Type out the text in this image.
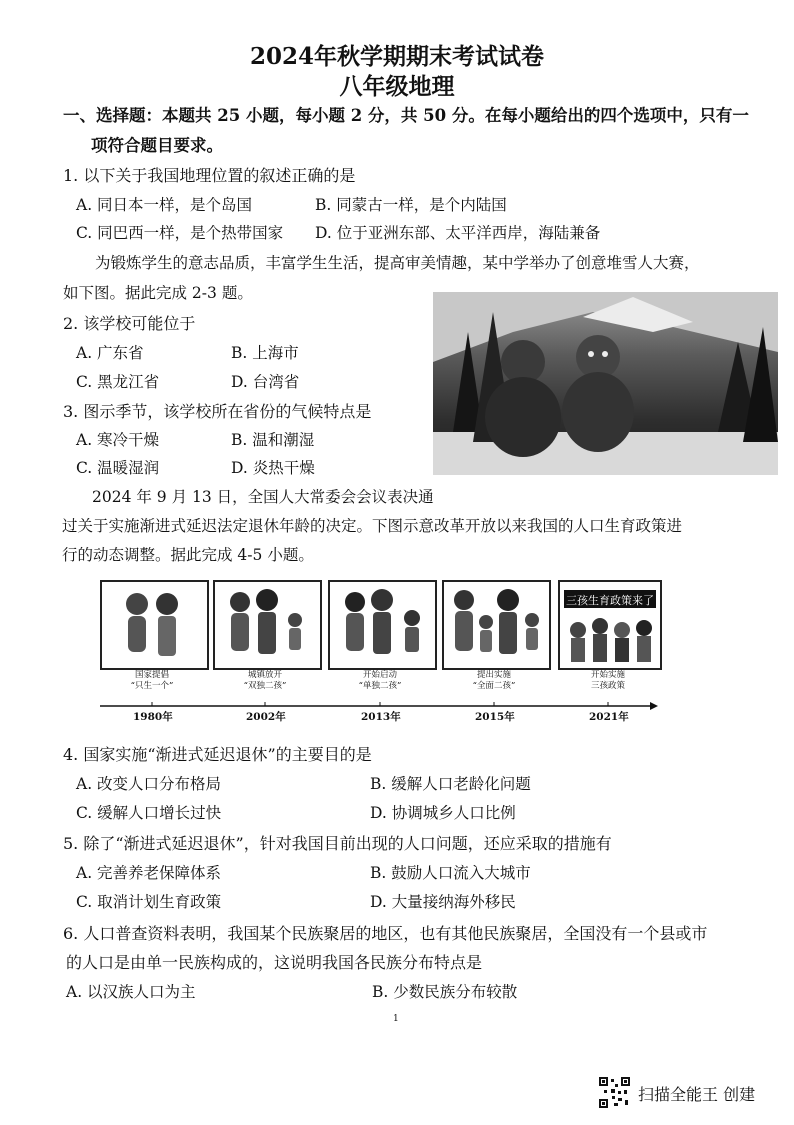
2024年秋学期期末考试试卷
八年级地理
一、选择题：本题共 25 小题，每小题 2 分，共 50 分。在每小题给出的四个选项中，只有一
项符合题目要求。
1. 以下关于我国地理位置的叙述正确的是
A. 同日本一样，是个岛国	B. 同蒙古一样，是个内陆国
C. 同巴西一样，是个热带国家 D. 位于亚洲东部、太平洋西岸，海陆兼备
为锻炼学生的意志品质，丰富学生生活，提高审美情趣，某中学举办了创意堆雪人大赛，
如下图。据此完成 2-3 题。
2. 该学校可能位于
A. 广东省	B. 上海市
C. 黑龙江省	D. 台湾省
3. 图示季节，该学校所在省份的气候特点是
A. 寒冷干燥	B. 温和潮湿
C. 温暖湿润	D. 炎热干燥
2024 年 9 月 13 日，全国人大常委会会议表决通
过关于实施渐进式延迟法定退休年龄的决定。下图示意改革开放以来我国的人口生育政策进
行的动态调整。据此完成 4-5 小题。
三孩生育政策来了
国家提倡
“只生一个”
城镇放开
“双独二孩”
开始启动
“单独二孩”
提出实施
“全面二孩”
开始实施
三孩政策
1980年	2002年	2013年	2015年	2021年
4. 国家实施“渐进式延迟退休”的主要目的是
A. 改变人口分布格局	B. 缓解人口老龄化问题
C. 缓解人口增长过快	D. 协调城乡人口比例
5. 除了“渐进式延迟退休”，针对我国目前出现的人口问题，还应采取的措施有
A. 完善养老保障体系	B. 鼓励人口流入大城市
C. 取消计划生育政策	D. 大量接纳海外移民
6. 人口普查资料表明，我国某个民族聚居的地区，也有其他民族聚居，全国没有一个县或市
的人口是由单一民族构成的，这说明我国各民族分布特点是
A. 以汉族人口为主	B. 少数民族分布较散
1
扫描全能王 创建
